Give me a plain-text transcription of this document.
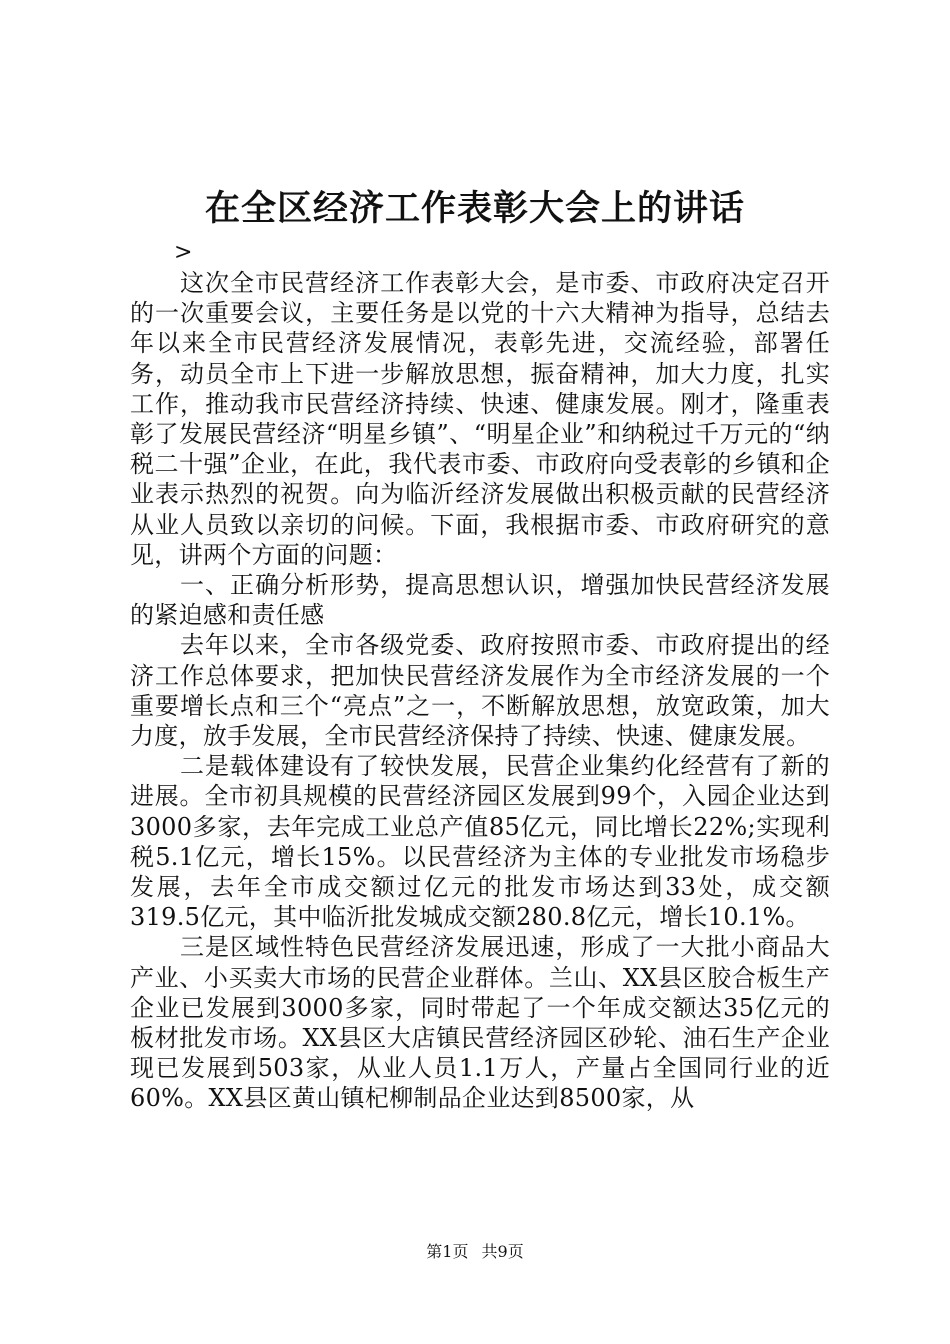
在全区经济工作表彰大会上的讲话
>

这次全市民营经济工作表彰大会，是市委、市政府决定召开的一次重要会议，主要任务是以党的十六大精神为指导，总结去年以来全市民营经济发展情况，表彰先进，交流经验，部署任务，动员全市上下进一步解放思想，振奋精神，加大力度，扎实工作，推动我市民营经济持续、快速、健康发展。刚才，隆重表彰了发展民营经济“明星乡镇”、“明星企业”和纳税过千万元的“纳税二十强”企业，在此，我代表市委、市政府向受表彰的乡镇和企业表示热烈的祝贺。向为临沂经济发展做出积极贡献的民营经济从业人员致以亲切的问候。下面，我根据市委、市政府研究的意见，讲两个方面的问题：

一、正确分析形势，提高思想认识，增强加快民营经济发展的紧迫感和责任感

去年以来，全市各级党委、政府按照市委、市政府提出的经济工作总体要求，把加快民营经济发展作为全市经济发展的一个重要增长点和三个“亮点”之一，不断解放思想，放宽政策，加大力度，放手发展，全市民营经济保持了持续、快速、健康发展。

二是载体建设有了较快发展，民营企业集约化经营有了新的进展。全市初具规模的民营经济园区发展到99个，入园企业达到3000多家，去年完成工业总产值85亿元，同比增长22%;实现利税5.1亿元，增长15%。以民营经济为主体的专业批发市场稳步发展，去年全市成交额过亿元的批发市场达到33处，成交额319.5亿元，其中临沂批发城成交额280.8亿元，增长10.1%。

三是区域性特色民营经济发展迅速，形成了一大批小商品大产业、小买卖大市场的民营企业群体。兰山、XX县区胶合板生产企业已发展到3000多家，同时带起了一个年成交额达35亿元的板材批发市场。XX县区大店镇民营经济园区砂轮、油石生产企业现已发展到503家，从业人员1.1万人，产量占全国同行业的近60%。XX县区黄山镇杞柳制品企业达到8500家，从

第1页 共9页
